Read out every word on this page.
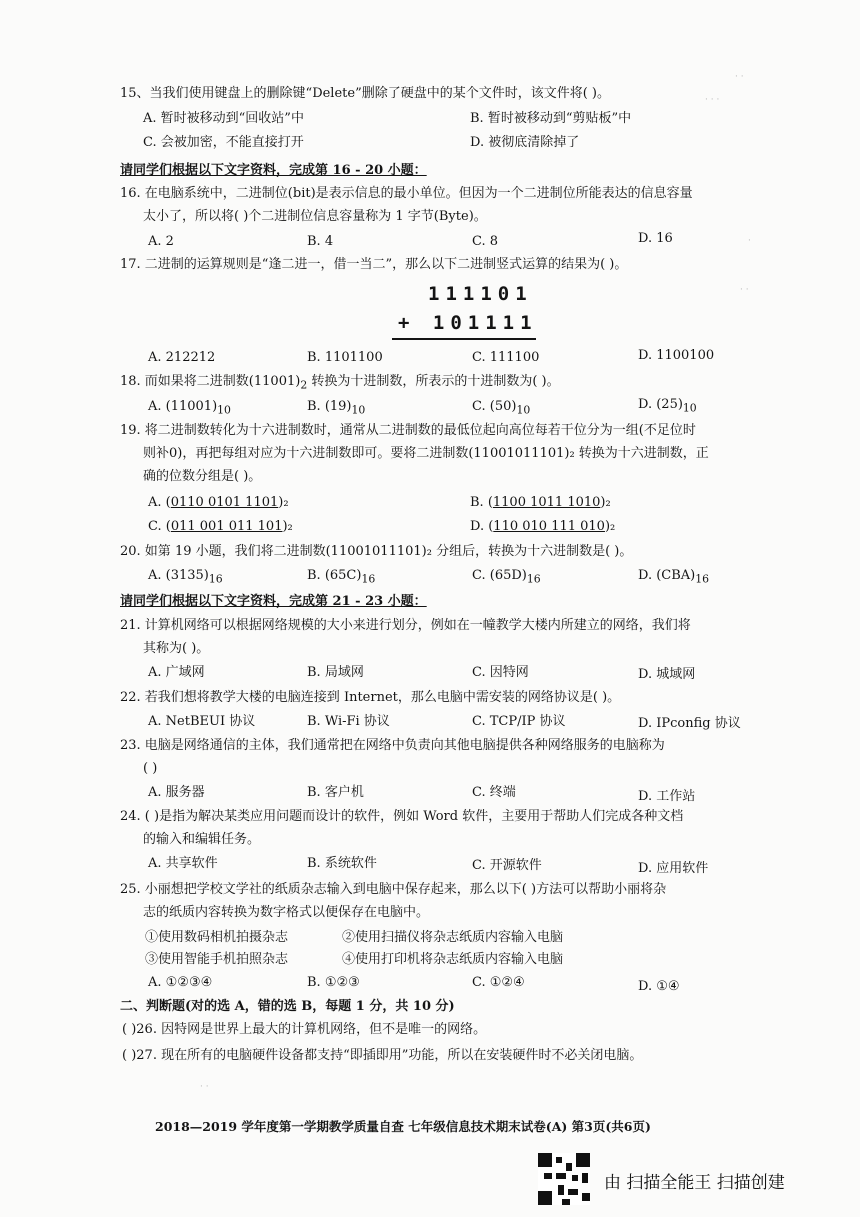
15、当我们使用键盘上的删除键“Delete”删除了硬盘中的某个文件时，该文件将( )。
A. 暂时被移动到“回收站”中	B. 暂时被移动到“剪贴板”中
C. 会被加密，不能直接打开	D. 被彻底清除掉了
请同学们根据以下文字资料，完成第 16 - 20 小题：
16. 在电脑系统中，二进制位(bit)是表示信息的最小单位。但因为一个二进制位所能表达的信息容量
太小了，所以将( )个二进制位信息容量称为 1 字节(Byte)。
A. 2	B. 4	C. 8	D. 16
17. 二进制的运算规则是“逢二进一，借一当二”，那么以下二进制竖式运算的结果为( )。
111101
+ 101111
A. 212212	B. 1101100	C. 111100	D. 1100100
18. 而如果将二进制数$(11001)_2$ 转换为十进制数，所表示的十进制数为( )。
A. $(11001)_{10}$	B. $(19)_{10}$	C. $(50)_{10}$	D. $(25)_{10}$
19. 将二进制数转化为十六进制数时，通常从二进制数的最低位起向高位每若干位分为一组(不足位时
则补0)，再把每组对应为十六进制数即可。要将二进制数(11001011101)₂ 转换为十六进制数，正
确的位数分组是( )。
A. (0110 0101 1101)₂	B. (1100 1011 1010)₂
C. (011 001 011 101)₂	D. (110 010 111 010)₂
20. 如第 19 小题，我们将二进制数(11001011101)₂ 分组后，转换为十六进制数是( )。
A. $(3135)_{16}$	B. $(65C)_{16}$	C. $(65D)_{16}$	D. $(CBA)_{16}$
请同学们根据以下文字资料，完成第 21 - 23 小题：
21. 计算机网络可以根据网络规模的大小来进行划分，例如在一幢教学大楼内所建立的网络，我们将
其称为( )。
A. 广域网	B. 局域网	C. 因特网	D. 城域网
22. 若我们想将教学大楼的电脑连接到 Internet，那么电脑中需安装的网络协议是( )。
A. NetBEUI 协议	B. Wi-Fi 协议	C. TCP/IP 协议	D. IPconfig 协议
23. 电脑是网络通信的主体，我们通常把在网络中负责向其他电脑提供各种网络服务的电脑称为
( )
A. 服务器	B. 客户机	C. 终端	D. 工作站
24. ( )是指为解决某类应用问题而设计的软件，例如 Word 软件，主要用于帮助人们完成各种文档
的输入和编辑任务。
A. 共享软件	B. 系统软件	C. 开源软件	D. 应用软件
25. 小丽想把学校文学社的纸质杂志输入到电脑中保存起来，那么以下( )方法可以帮助小丽将杂
志的纸质内容转换为数字格式以便保存在电脑中。
①使用数码相机拍摄杂志	②使用扫描仪将杂志纸质内容输入电脑
③使用智能手机拍照杂志	④使用打印机将杂志纸质内容输入电脑
A. ①②③④	B. ①②③	C. ①②④	D. ①④
二、判断题(对的选 A，错的选 B，每题 1 分，共 10 分)
( )26. 因特网是世界上最大的计算机网络，但不是唯一的网络。
( )27. 现在所有的电脑硬件设备都支持“即插即用”功能，所以在安装硬件时不必关闭电脑。
2018—2019 学年度第一学期教学质量自查 七年级信息技术期末试卷(A) 第3页(共6页)
· ·
· · ·
·
· ·
· ·
由 扫描全能王 扫描创建
